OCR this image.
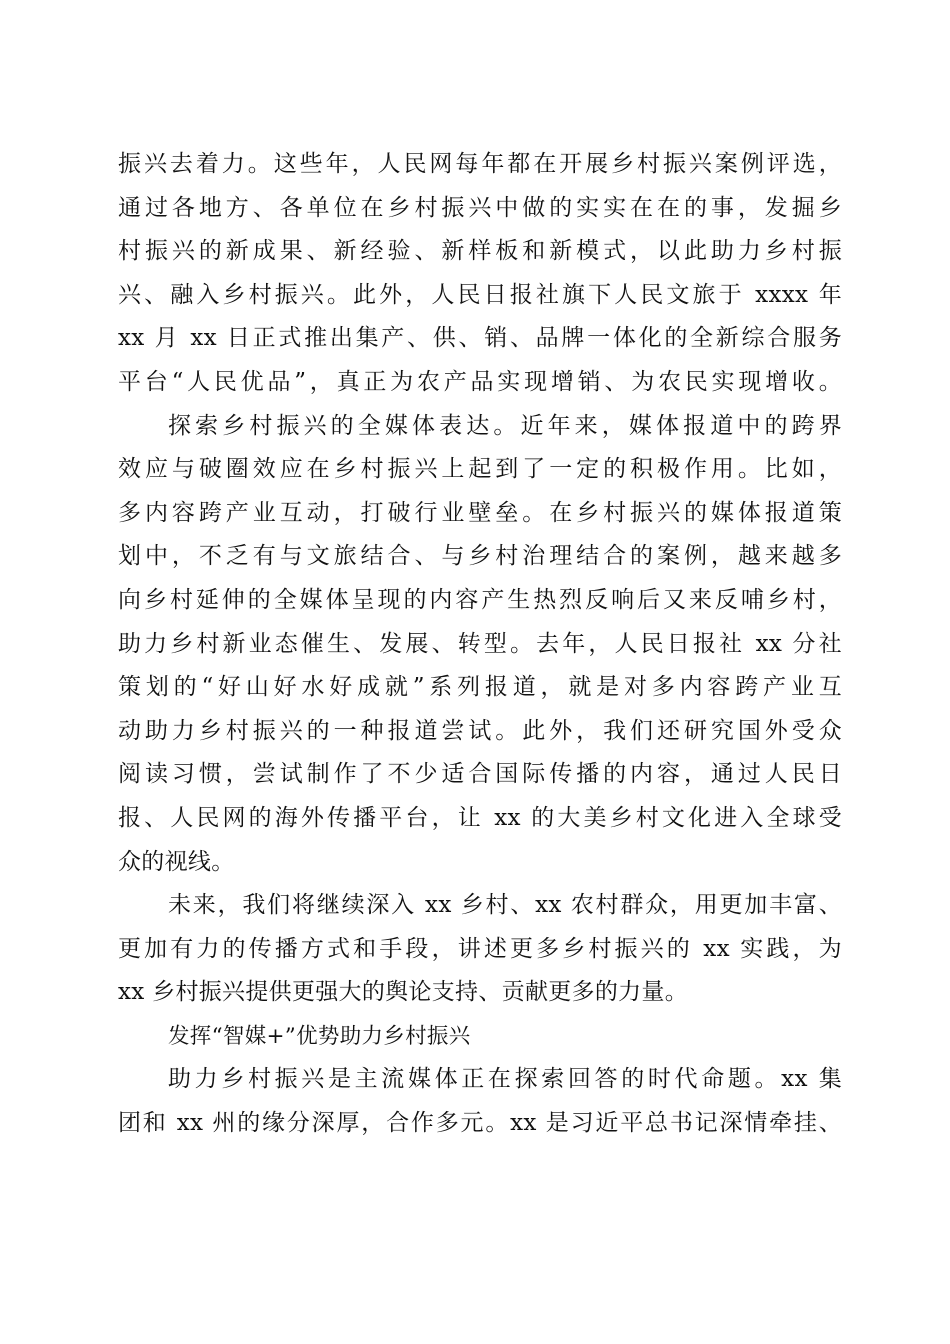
振兴去着力。这些年，人民网每年都在开展乡村振兴案例评选，
通过各地方、各单位在乡村振兴中做的实实在在的事，发掘乡
村振兴的新成果、新经验、新样板和新模式，以此助力乡村振
兴、融入乡村振兴。此外，人民日报社旗下人民文旅于 xxxx 年
xx 月 xx 日正式推出集产、供、销、品牌一体化的全新综合服务
平台“人民优品”，真正为农产品实现增销、为农民实现增收。
探索乡村振兴的全媒体表达。近年来，媒体报道中的跨界
效应与破圈效应在乡村振兴上起到了一定的积极作用。比如，
多内容跨产业互动，打破行业壁垒。在乡村振兴的媒体报道策
划中，不乏有与文旅结合、与乡村治理结合的案例，越来越多
向乡村延伸的全媒体呈现的内容产生热烈反响后又来反哺乡村，
助力乡村新业态催生、发展、转型。去年，人民日报社 xx 分社
策划的“好山好水好成就”系列报道，就是对多内容跨产业互
动助力乡村振兴的一种报道尝试。此外，我们还研究国外受众
阅读习惯，尝试制作了不少适合国际传播的内容，通过人民日
报、人民网的海外传播平台，让 xx 的大美乡村文化进入全球受
众的视线。
未来，我们将继续深入 xx 乡村、xx 农村群众，用更加丰富、
更加有力的传播方式和手段，讲述更多乡村振兴的 xx 实践，为
xx 乡村振兴提供更强大的舆论支持、贡献更多的力量。
发挥“智媒+”优势助力乡村振兴
助力乡村振兴是主流媒体正在探索回答的时代命题。xx 集
团和 xx 州的缘分深厚，合作多元。xx 是习近平总书记深情牵挂、
